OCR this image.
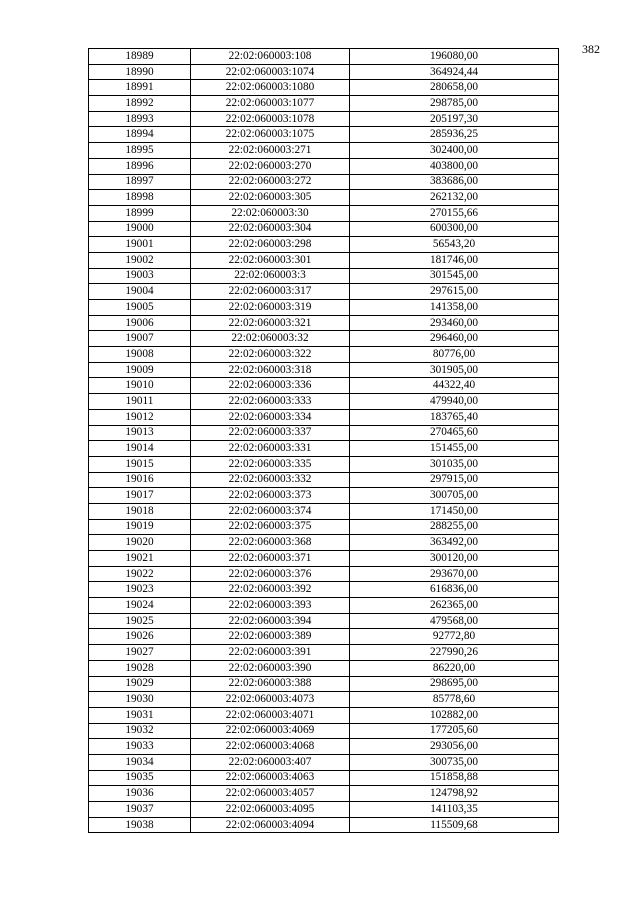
382
18989	22:02:060003:108	196080,00
18990	22:02:060003:1074	364924,44
18991	22:02:060003:1080	280658,00
18992	22:02:060003:1077	298785,00
18993	22:02:060003:1078	205197,30
18994	22:02:060003:1075	285936,25
18995	22:02:060003:271	302400,00
18996	22:02:060003:270	403800,00
18997	22:02:060003:272	383686,00
18998	22:02:060003:305	262132,00
18999	22:02:060003:30	270155,66
19000	22:02:060003:304	600300,00
19001	22:02:060003:298	56543,20
19002	22:02:060003:301	181746,00
19003	22:02:060003:3	301545,00
19004	22:02:060003:317	297615,00
19005	22:02:060003:319	141358,00
19006	22:02:060003:321	293460,00
19007	22:02:060003:32	296460,00
19008	22:02:060003:322	80776,00
19009	22:02:060003:318	301905,00
19010	22:02:060003:336	44322,40
19011	22:02:060003:333	479940,00
19012	22:02:060003:334	183765,40
19013	22:02:060003:337	270465,60
19014	22:02:060003:331	151455,00
19015	22:02:060003:335	301035,00
19016	22:02:060003:332	297915,00
19017	22:02:060003:373	300705,00
19018	22:02:060003:374	171450,00
19019	22:02:060003:375	288255,00
19020	22:02:060003:368	363492,00
19021	22:02:060003:371	300120,00
19022	22:02:060003:376	293670,00
19023	22:02:060003:392	616836,00
19024	22:02:060003:393	262365,00
19025	22:02:060003:394	479568,00
19026	22:02:060003:389	92772,80
19027	22:02:060003:391	227990,26
19028	22:02:060003:390	86220,00
19029	22:02:060003:388	298695,00
19030	22:02:060003:4073	85778,60
19031	22:02:060003:4071	102882,00
19032	22:02:060003:4069	177205,60
19033	22:02:060003:4068	293056,00
19034	22:02:060003:407	300735,00
19035	22:02:060003:4063	151858,88
19036	22:02:060003:4057	124798,92
19037	22:02:060003:4095	141103,35
19038	22:02:060003:4094	115509,68
